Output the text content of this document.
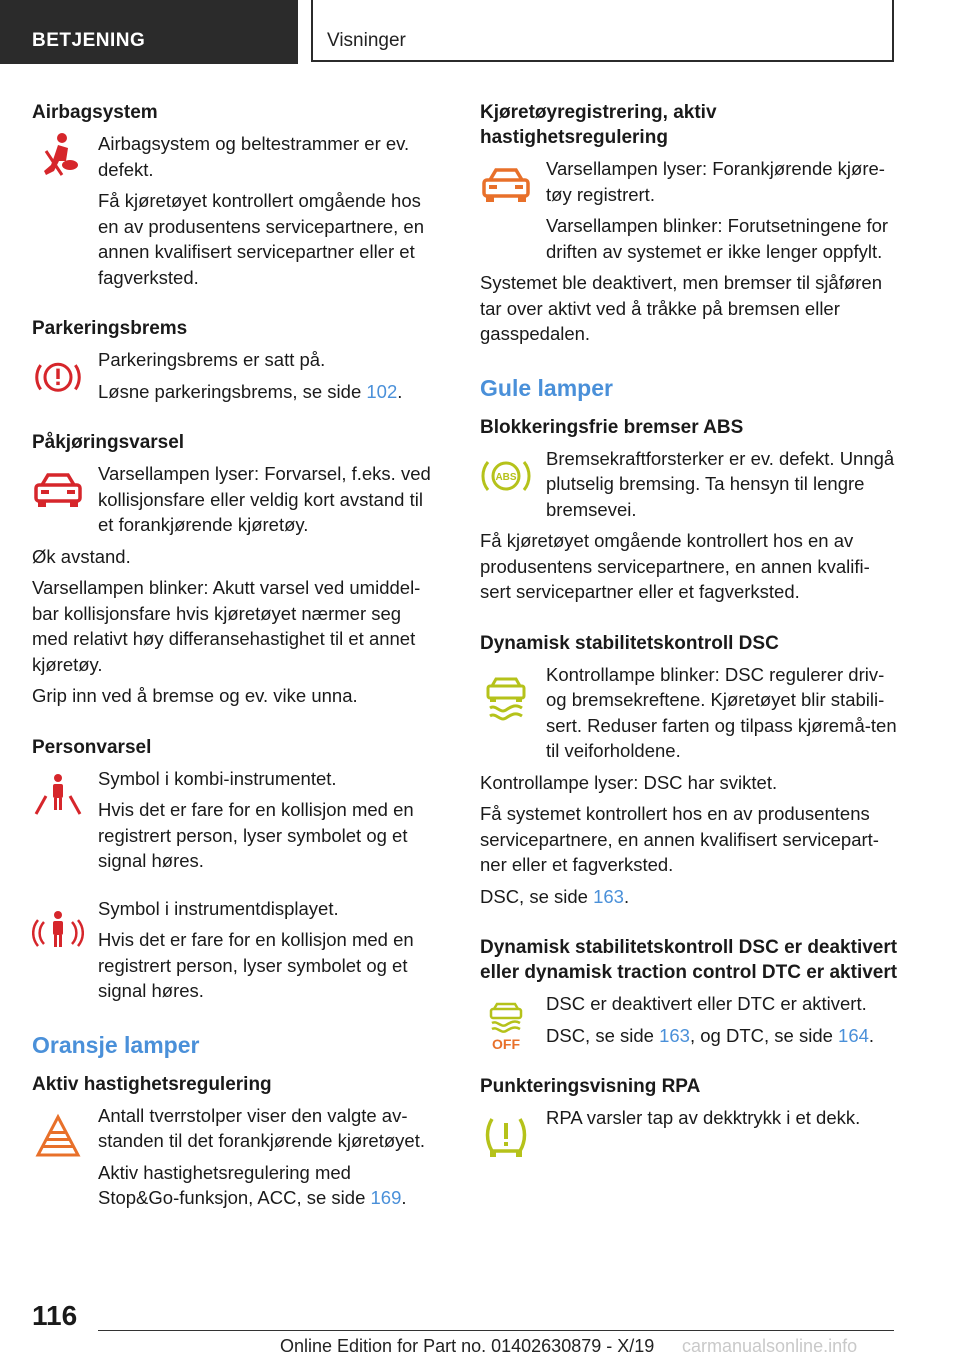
BETJENING	Visninger
Airbagsystem

Airbagsystem og beltestrammer er ev. defekt.

Få kjøretøyet kontrollert omgående hos en av produsentens servicepartnere, en annen kvalifisert servicepartner eller et fagverksted.

Parkeringsbrems

Parkeringsbrems er satt på.

Løsne parkeringsbrems, se side 102.

Påkjøringsvarsel

Varsellampen lyser: Forvarsel, f.eks. ved kollisjonsfare eller veldig kort avstand til et forankjørende kjøretøy.

Øk avstand.

Varsellampen blinker: Akutt varsel ved umiddel-bar kollisjonsfare hvis kjøretøyet nærmer seg med relativt høy differansehastighet til et annet kjøretøy.

Grip inn ved å bremse og ev. vike unna.

Personvarsel

Symbol i kombi-instrumentet.

Hvis det er fare for en kollisjon med en registrert person, lyser symbolet og et signal høres.

Symbol i instrumentdisplayet.

Hvis det er fare for en kollisjon med en registrert person, lyser symbolet og et signal høres.

Oransje lamper
Aktiv hastighetsregulering

Antall tverrstolper viser den valgte av-standen til det forankjørende kjøretøyet.

Aktiv hastighetsregulering med Stop&Go-funksjon, ACC, se side 169.

Kjøretøyregistrering, aktiv hastighetsregulering

Varsellampen lyser: Forankjørende kjøre-tøy registrert.

Varsellampen blinker: Forutsetningene for driften av systemet er ikke lenger oppfylt.

Systemet ble deaktivert, men bremser til sjåføren tar over aktivt ved å tråkke på bremsen eller gasspedalen.

Gule lamper
Blokkeringsfrie bremser ABS
ABS

Bremsekraftforsterker er ev. defekt. Unngå plutselig bremsing. Ta hensyn til lengre bremsevei.

Få kjøretøyet omgående kontrollert hos en av produsentens servicepartnere, en annen kvalifi-sert servicepartner eller et fagverksted.

Dynamisk stabilitetskontroll DSC

Kontrollampe blinker: DSC regulerer driv- og bremsekreftene. Kjøretøyet blir stabili-sert. Reduser farten og tilpass kjøremå-ten til veiforholdene.

Kontrollampe lyser: DSC har sviktet.

Få systemet kontrollert hos en av produsentens servicepartnere, en annen kvalifisert servicepart-ner eller et fagverksted.

DSC, se side 163.

Dynamisk stabilitetskontroll DSC er deaktivert eller dynamisk traction control DTC er aktivert
OFF

DSC er deaktivert eller DTC er aktivert.

DSC, se side 163, og DTC, se side 164.

Punkteringsvisning RPA

RPA varsler tap av dekktrykk i et dekk.

116
Online Edition for Part no. 01402630879 - X/19 carmanualsonline.info
